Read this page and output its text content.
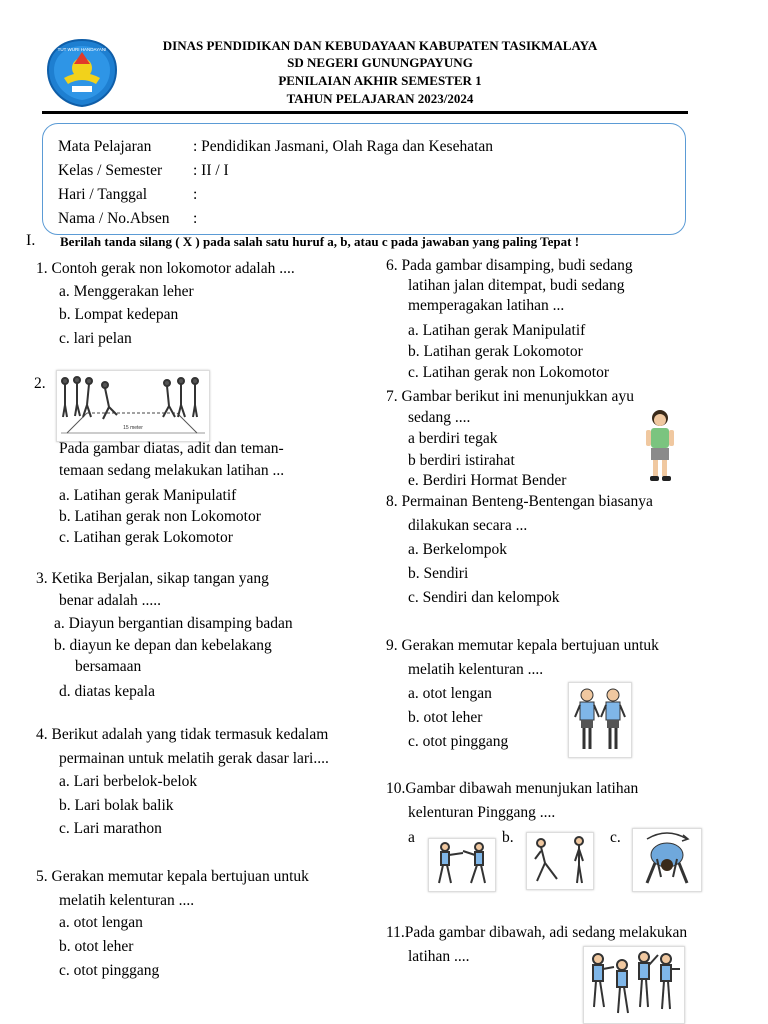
TUT WURI HANDAYANI	DINAS PENDIDIKAN DAN KEBUDAYAAN KABUPATEN TASIKMALAYA
SD NEGERI GUNUNGPAYUNG
PENILAIAN AKHIR SEMESTER 1
TAHUN PELAJARAN 2023/2024
Mata Pelajaran	: Pendidikan Jasmani, Olah Raga dan Kesehatan
Kelas / Semester : II / I
Hari / Tanggal	:
Nama / No.Absen :
I. Berilah tanda silang ( X ) pada salah satu huruf a, b, atau c pada jawaban yang paling Tepat !
1. Contoh gerak non lokomotor adalah ....
a. Menggerakan leher
b. Lompat kedepan
c. lari pelan
2.
15 meter
Pada gambar diatas, adit dan teman-
temaan sedang melakukan latihan ...
a. Latihan gerak Manipulatif
b. Latihan gerak non Lokomotor
c. Latihan gerak Lokomotor
3. Ketika Berjalan, sikap tangan yang
benar adalah .....
a. Diayun bergantian disamping badan
b. diayun ke depan dan kebelakang
bersamaan
d. diatas kepala
4. Berikut adalah yang tidak termasuk kedalam
permainan untuk melatih gerak dasar lari....
a. Lari berbelok-belok
b. Lari bolak balik
c. Lari marathon
5. Gerakan memutar kepala bertujuan untuk
melatih kelenturan ....
a. otot lengan
b. otot leher
c. otot pinggang
6. Pada gambar disamping, budi sedang
latihan jalan ditempat, budi sedang
memperagakan latihan ...
a. Latihan gerak Manipulatif
b. Latihan gerak Lokomotor
c. Latihan gerak non Lokomotor
7. Gambar berikut ini menunjukkan ayu
sedang ....
a berdiri tegak
b berdiri istirahat
e. Berdiri Hormat Bender
8. Permainan Benteng-Bentengan biasanya
dilakukan secara ...
a. Berkelompok
b. Sendiri
c. Sendiri dan kelompok
9. Gerakan memutar kepala bertujuan untuk
melatih kelenturan ....
a. otot lengan
b. otot leher
c. otot pinggang
10.Gambar dibawah menunjukan latihan
kelenturan Pinggang ....
a	b.	c.
11.Pada gambar dibawah, adi sedang melakukan
latihan ....
